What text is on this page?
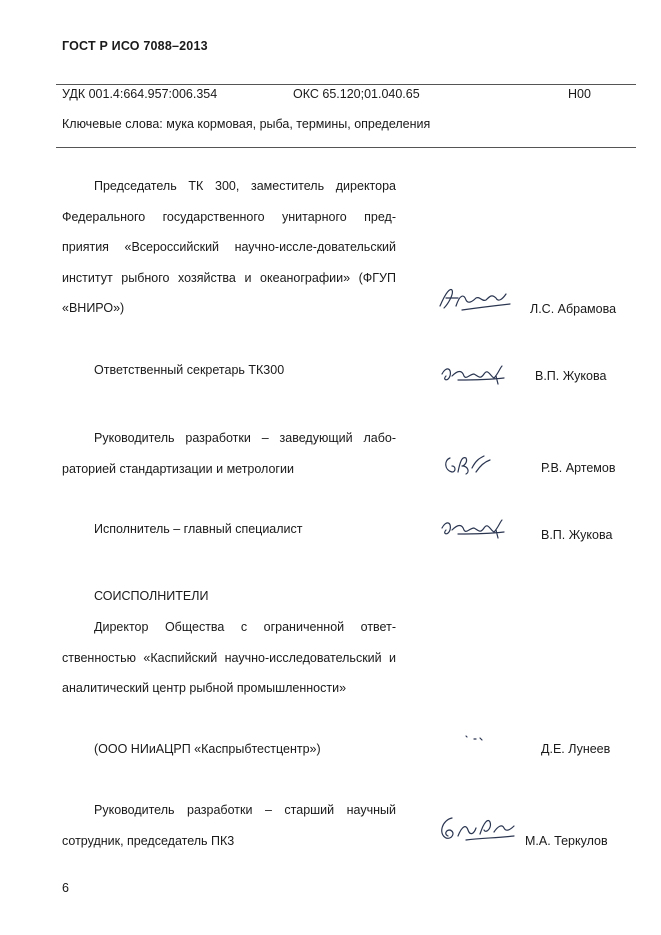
ГОСТ Р ИСО 7088–2013
УДК 001.4:664.957:006.354	ОКС 65.120;01.040.65	Н00
Ключевые слова: мука кормовая, рыба, термины, определения
Председатель ТК 300, заместитель директора Федерального государственного унитарного пред-приятия «Всероссийский научно-иссле-довательский институт рыбного хозяйства и океанографии» (ФГУП «ВНИРО»)	Л.С. Абрамова
Ответственный секретарь ТК300	В.П. Жукова
Руководитель разработки – заведующий лабо-раторией стандартизации и метрологии	Р.В. Артемов
Исполнитель – главный специалист	В.П. Жукова
СОИСПОЛНИТЕЛИ
Директор Общества с ограниченной ответ-ственностью «Каспийский научно-исследовательский и аналитический центр рыбной промышленности»
(ООО НИиАЦРП «Каспрыбтестцентр»)	Д.Е. Лунеев
Руководитель разработки – старший научный сотрудник, председатель ПК3	М.А. Теркулов
6
